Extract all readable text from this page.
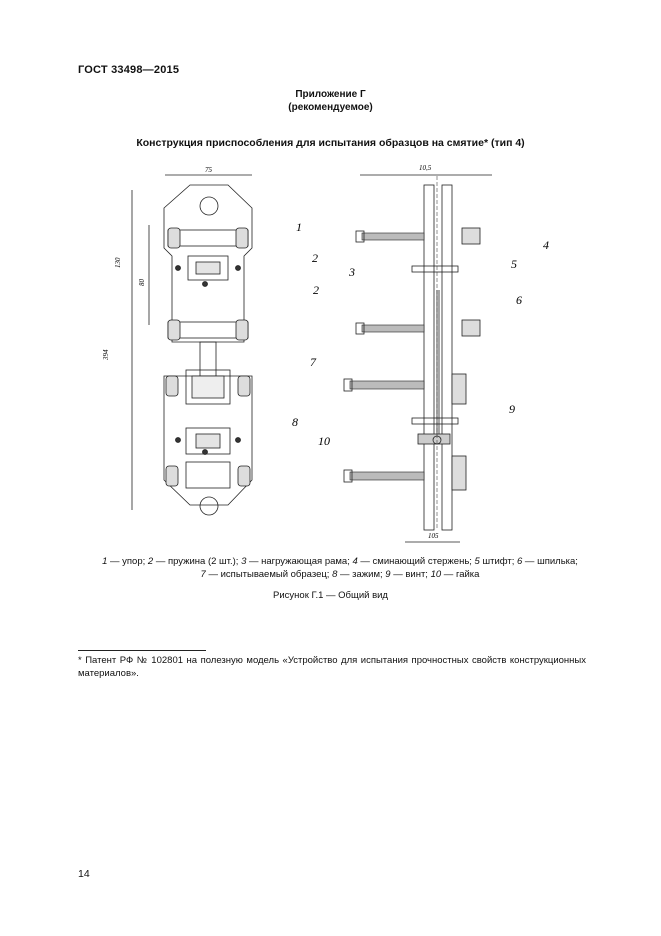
ГОСТ 33498—2015
Приложение Г
(рекомендуемое)
Конструкция приспособления для испытания образцов на смятие* (тип 4)
75
130
80
394
10,5
105
1
2
2
3
4
5
6
7
8
9
10
1 — упор; 2 — пружина (2 шт.); 3 — нагружающая рама; 4 — сминающий стержень; 5 штифт; 6 — шпилька;
7 — испытываемый образец; 8 — зажим; 9 — винт; 10 — гайка
Рисунок Г.1 — Общий вид
* Патент РФ № 102801 на полезную модель «Устройство для испытания прочностных свойств конструкционных материалов».
14
